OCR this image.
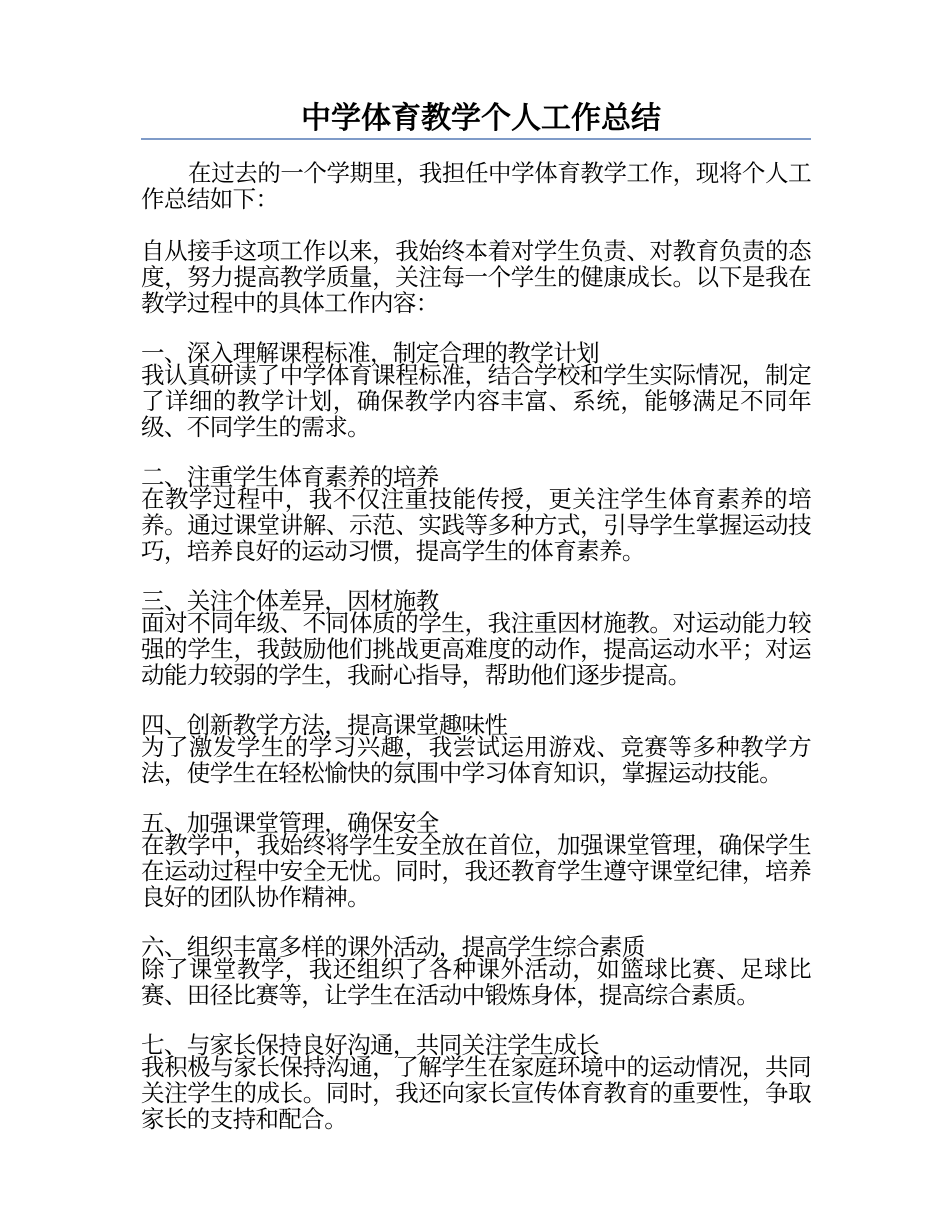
中学体育教学个人工作总结

在过去的一个学期里，我担任中学体育教学工作，现将个人工作总结如下：

自从接手这项工作以来，我始终本着对学生负责、对教育负责的态度，努力提高教学质量，关注每一个学生的健康成长。以下是我在教学过程中的具体工作内容：

一、深入理解课程标准，制定合理的教学计划

我认真研读了中学体育课程标准，结合学校和学生实际情况，制定了详细的教学计划，确保教学内容丰富、系统，能够满足不同年级、不同学生的需求。

二、注重学生体育素养的培养

在教学过程中，我不仅注重技能传授，更关注学生体育素养的培养。通过课堂讲解、示范、实践等多种方式，引导学生掌握运动技巧，培养良好的运动习惯，提高学生的体育素养。

三、关注个体差异，因材施教

面对不同年级、不同体质的学生，我注重因材施教。对运动能力较强的学生，我鼓励他们挑战更高难度的动作，提高运动水平；对运动能力较弱的学生，我耐心指导，帮助他们逐步提高。

四、创新教学方法，提高课堂趣味性

为了激发学生的学习兴趣，我尝试运用游戏、竞赛等多种教学方法，使学生在轻松愉快的氛围中学习体育知识，掌握运动技能。

五、加强课堂管理，确保安全

在教学中，我始终将学生安全放在首位，加强课堂管理，确保学生在运动过程中安全无忧。同时，我还教育学生遵守课堂纪律，培养良好的团队协作精神。

六、组织丰富多样的课外活动，提高学生综合素质

除了课堂教学，我还组织了各种课外活动，如篮球比赛、足球比赛、田径比赛等，让学生在活动中锻炼身体，提高综合素质。

七、与家长保持良好沟通，共同关注学生成长

我积极与家长保持沟通，了解学生在家庭环境中的运动情况，共同关注学生的成长。同时，我还向家长宣传体育教育的重要性，争取家长的支持和配合。
